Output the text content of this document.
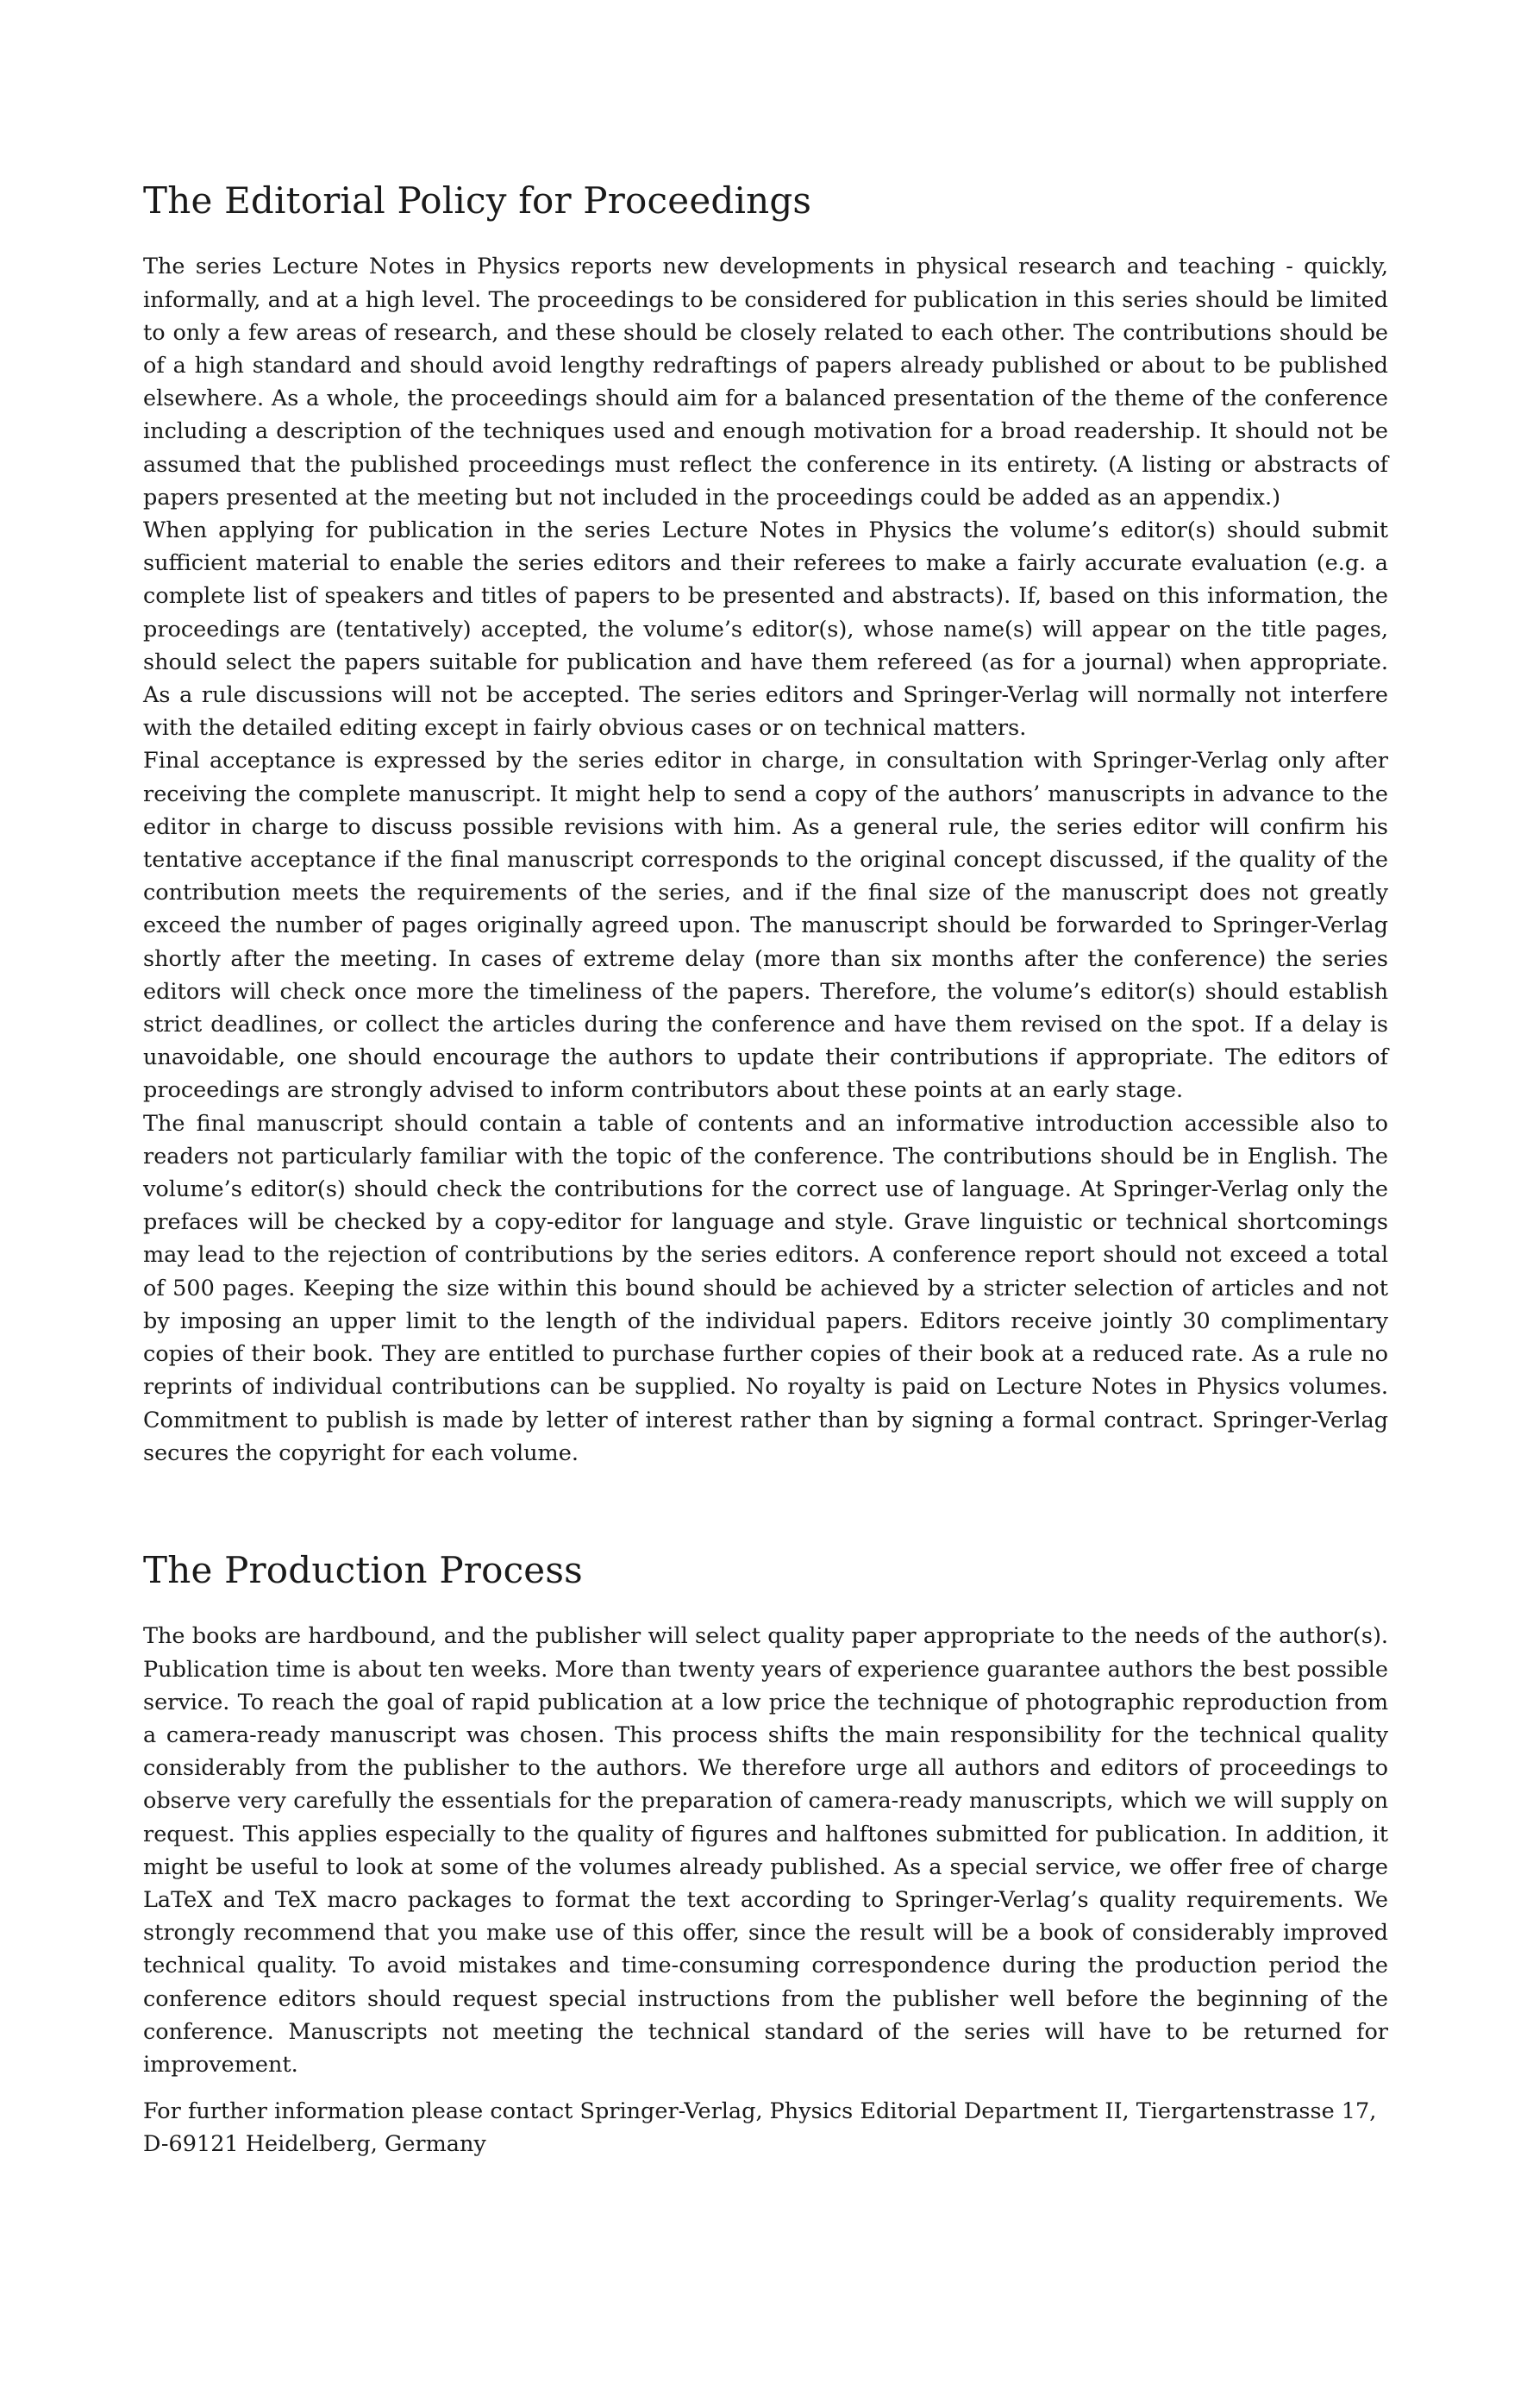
The Editorial Policy for Proceedings

The series Lecture Notes in Physics reports new developments in physical research and teaching - quickly, informally, and at a high level. The proceedings to be considered for publication in this series should be limited to only a few areas of research, and these should be closely related to each other. The contributions should be of a high standard and should avoid lengthy redraftings of papers already published or about to be published elsewhere. As a whole, the proceedings should aim for a balanced presentation of the theme of the conference including a description of the techniques used and enough motivation for a broad readership. It should not be assumed that the published proceedings must reflect the conference in its entirety. (A listing or abstracts of papers presented at the meeting but not included in the proceedings could be added as an appendix.)

When applying for publication in the series Lecture Notes in Physics the volume’s editor(s) should submit sufficient material to enable the series editors and their referees to make a fairly accurate evaluation (e.g. a complete list of speakers and titles of papers to be presented and abstracts). If, based on this information, the proceedings are (tentatively) accepted, the volume’s editor(s), whose name(s) will appear on the title pages, should select the papers suitable for publication and have them refereed (as for a journal) when appropriate. As a rule discussions will not be accepted. The series editors and Springer-Verlag will normally not interfere with the detailed editing except in fairly obvious cases or on technical matters.

Final acceptance is expressed by the series editor in charge, in consultation with Springer-Verlag only after receiving the complete manuscript. It might help to send a copy of the authors’ manuscripts in advance to the editor in charge to discuss possible revisions with him. As a general rule, the series editor will confirm his tentative acceptance if the final manuscript corresponds to the original concept discussed, if the quality of the contribution meets the requirements of the series, and if the final size of the manuscript does not greatly exceed the number of pages originally agreed upon. The manuscript should be forwarded to Springer-Verlag shortly after the meeting. In cases of extreme delay (more than six months after the conference) the series editors will check once more the timeliness of the papers. Therefore, the volume’s editor(s) should establish strict deadlines, or collect the articles during the conference and have them revised on the spot. If a delay is unavoidable, one should encourage the authors to update their contributions if appropriate. The editors of proceedings are strongly advised to inform contributors about these points at an early stage.

The final manuscript should contain a table of contents and an informative introduction accessible also to readers not particularly familiar with the topic of the conference. The contributions should be in English. The volume’s editor(s) should check the contributions for the correct use of language. At Springer-Verlag only the prefaces will be checked by a copy-editor for language and style. Grave linguistic or technical shortcomings may lead to the rejection of contributions by the series editors. A conference report should not exceed a total of 500 pages. Keeping the size within this bound should be achieved by a stricter selection of articles and not by imposing an upper limit to the length of the individual papers. Editors receive jointly 30 complimentary copies of their book. They are entitled to purchase further copies of their book at a reduced rate. As a rule no reprints of individual contributions can be supplied. No royalty is paid on Lecture Notes in Physics volumes. Commitment to publish is made by letter of interest rather than by signing a formal contract. Springer-Verlag secures the copyright for each volume.

The Production Process

The books are hardbound, and the publisher will select quality paper appropriate to the needs of the author(s). Publication time is about ten weeks. More than twenty years of experience guarantee authors the best possible service. To reach the goal of rapid publication at a low price the technique of photographic reproduction from a camera-ready manuscript was chosen. This process shifts the main responsibility for the technical quality considerably from the publisher to the authors. We therefore urge all authors and editors of proceedings to observe very carefully the essentials for the preparation of camera-ready manuscripts, which we will supply on request. This applies especially to the quality of figures and halftones submitted for publication. In addition, it might be useful to look at some of the volumes already published. As a special service, we offer free of charge LaTeX and TeX macro packages to format the text according to Springer-Verlag’s quality requirements. We strongly recommend that you make use of this offer, since the result will be a book of considerably improved technical quality. To avoid mistakes and time-consuming correspondence during the production period the conference editors should request special instructions from the publisher well before the beginning of the conference. Manuscripts not meeting the technical standard of the series will have to be returned for improvement.

For further information please contact Springer-Verlag, Physics Editorial Department II, Tiergartenstrasse 17,
D-69121 Heidelberg, Germany
